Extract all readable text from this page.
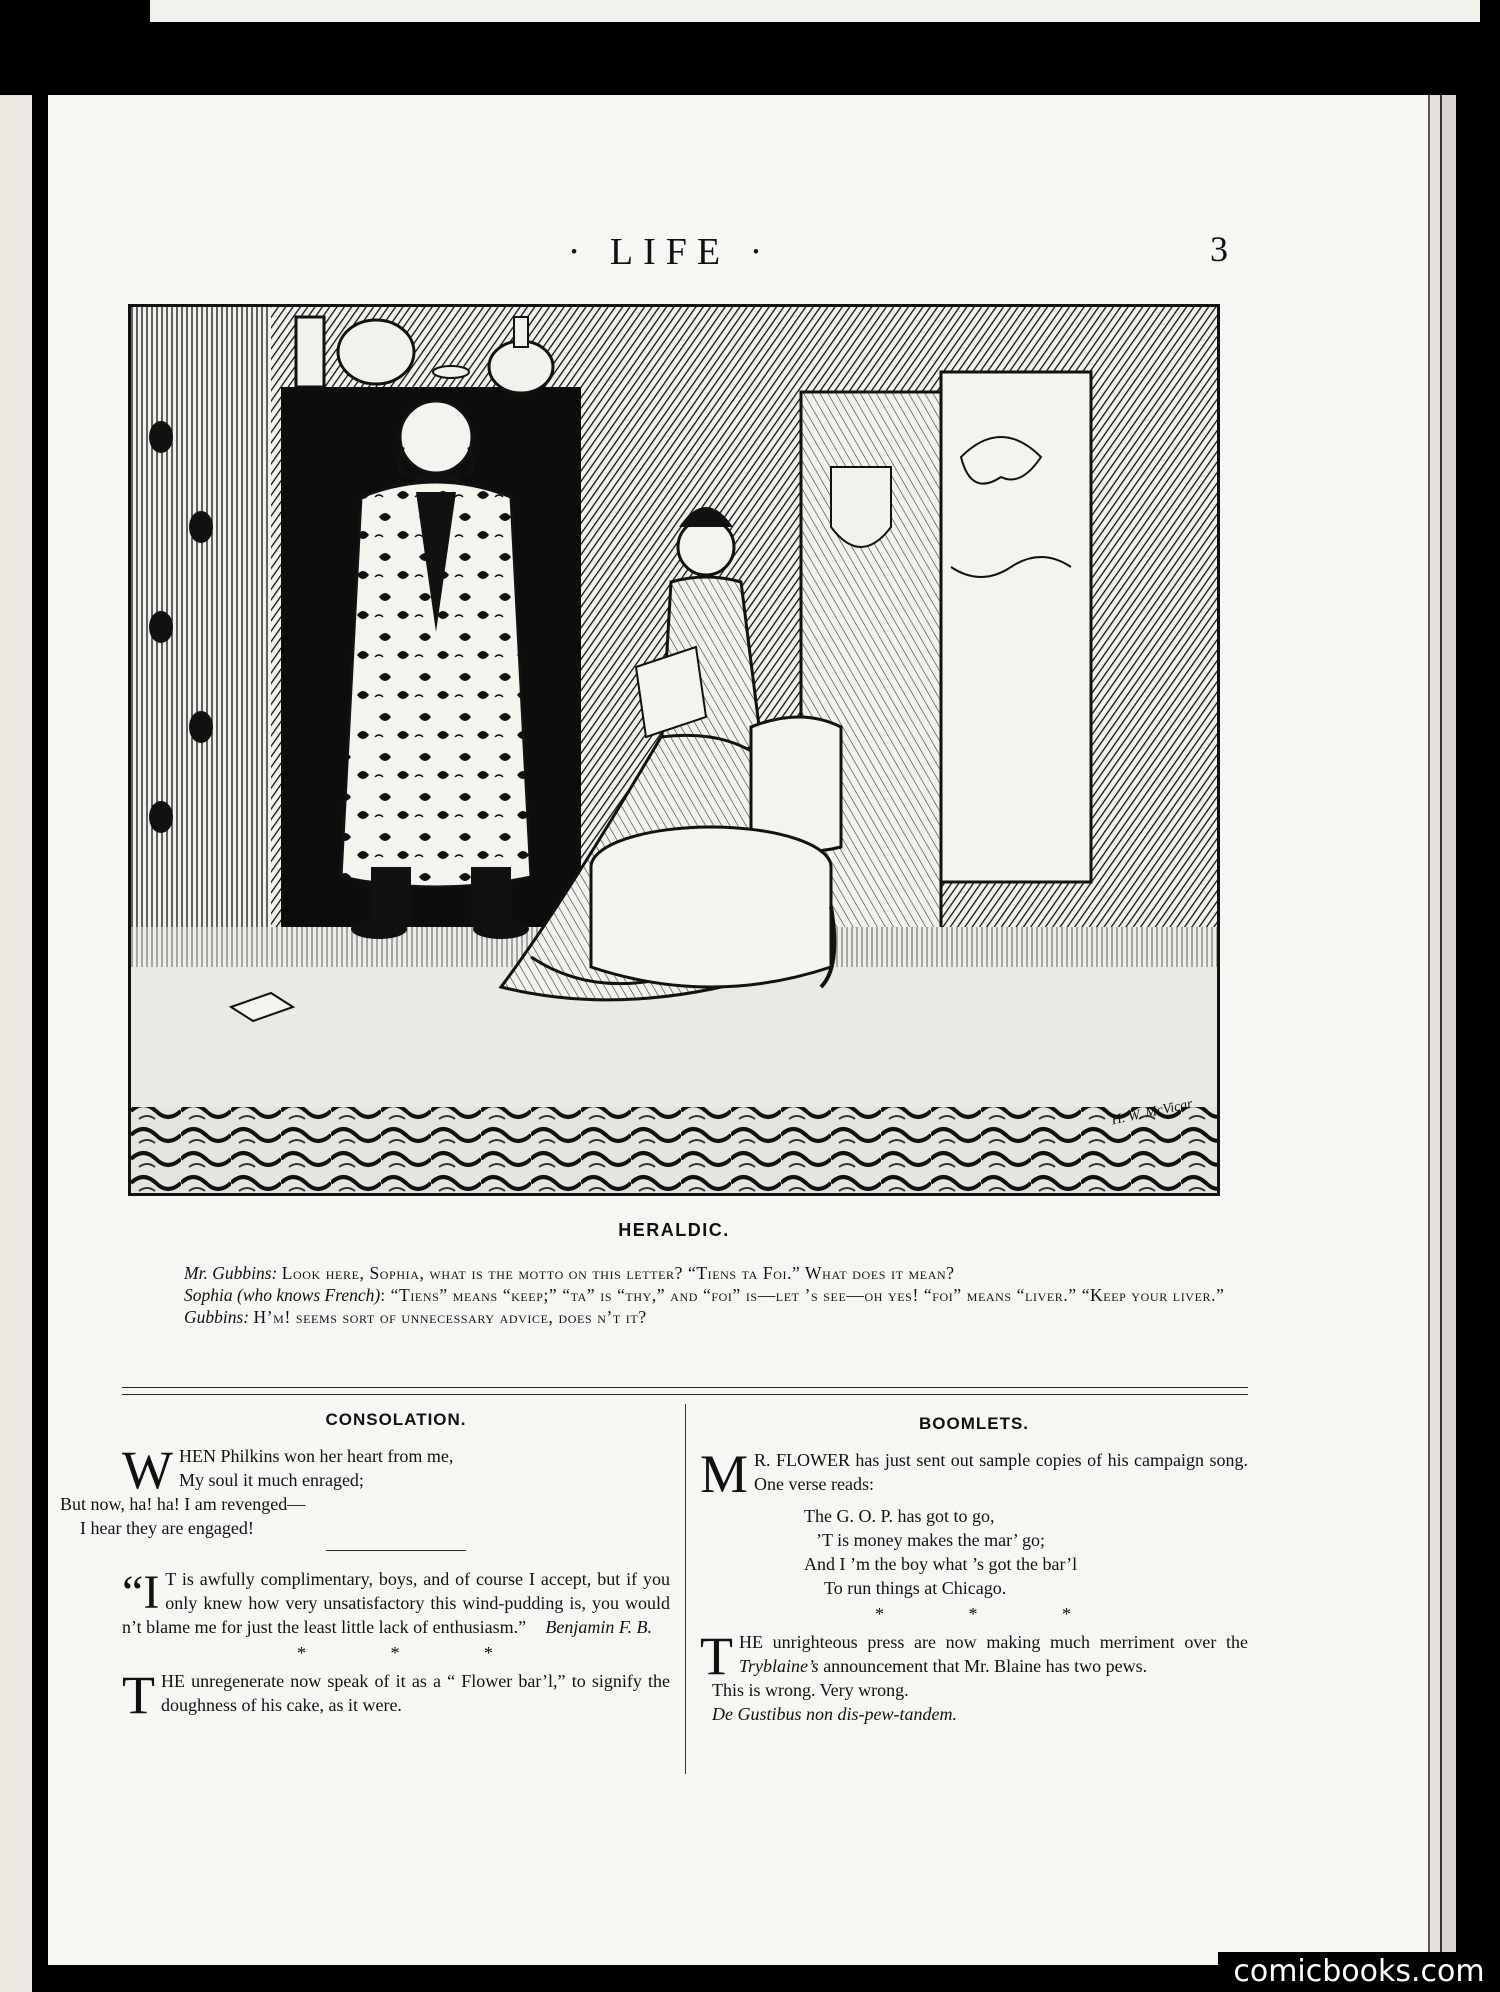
· LIFE ·	3
H. W. McVicar
HERALDIC.

Mr. Gubbins: Look here, Sophia, what is the motto on this letter? “Tiens ta Foi.” What does it mean?

Sophia (who knows French): “Tiens” means “keep;” “ta” is “thy,” and “foi” is—let ’s see—oh yes! “foi” means “liver.” “Keep your liver.”

Gubbins: H’m! seems sort of unnecessary advice, does n’t it?

CONSOLATION.
W HEN Philkins won her heart from me,
My soul it much enraged;
But now, ha! ha! I am revenged—
I hear they are engaged!

“I T is awfully complimentary, boys, and of course I accept, but if you only knew how very unsatisfactory this wind-pudding is, you would n’t blame me for just the least little lack of enthusiasm.”	Benjamin F. B.
* * *

T HE unregenerate now speak of it as a “ Flower bar’l,” to signify the doughness of his cake, as it were.

BOOMLETS.

M R. FLOWER has just sent out sample copies of his campaign song. One verse reads:

The G. O. P. has got to go,
’T is money makes the mar’ go;
And I ’m the boy what ’s got the bar’l
To run things at Chicago.
* * *

T HE unrighteous press are now making much merriment over the Tryblaine’s announcement that Mr. Blaine has two pews.

This is wrong. Very wrong.
De Gustibus non dis-pew-tandem.
comicbooks.com
